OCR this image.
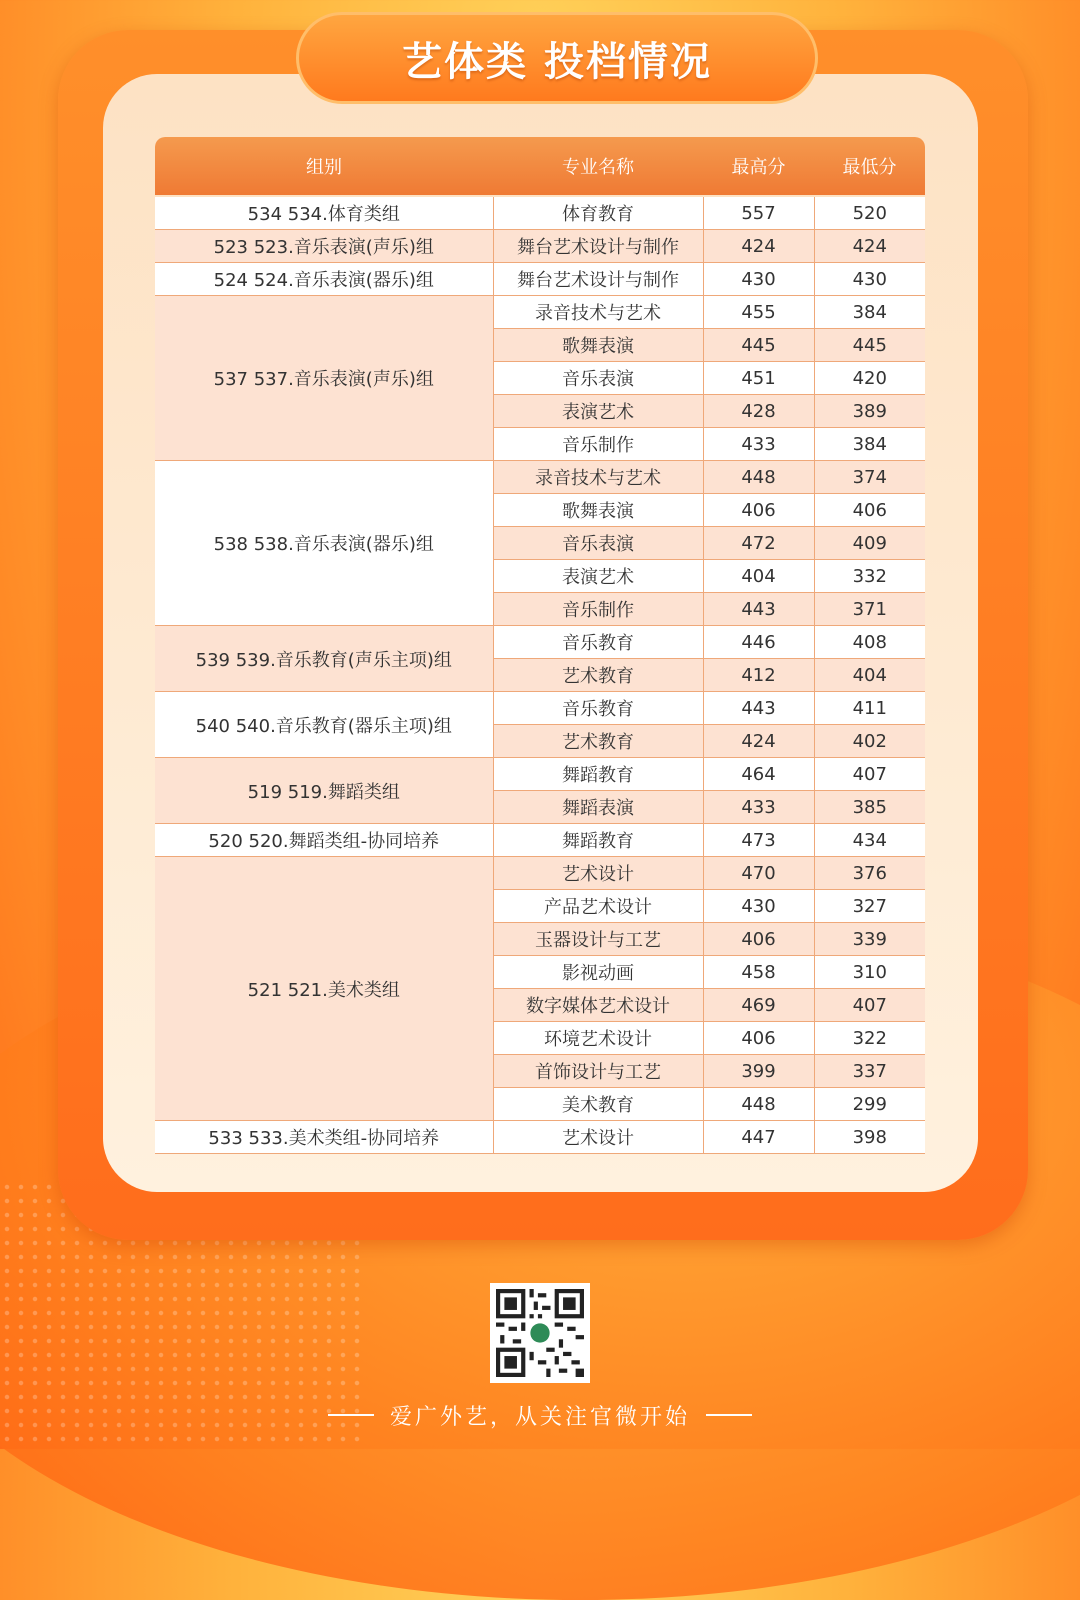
艺体类 投档情况
组别	专业名称	最高分	最低分

534 534.体育类组	体育教育	557	520
523 523.音乐表演(声乐)组	舞台艺术设计与制作	424	424
524 524.音乐表演(器乐)组	舞台艺术设计与制作	430	430
537 537.音乐表演(声乐)组	录音技术与艺术	455	384
	歌舞表演	445	445
	音乐表演	451	420
	表演艺术	428	389
	音乐制作	433	384
538 538.音乐表演(器乐)组	录音技术与艺术	448	374
	歌舞表演	406	406
	音乐表演	472	409
	表演艺术	404	332
	音乐制作	443	371
539 539.音乐教育(声乐主项)组	音乐教育	446	408
	艺术教育	412	404
540 540.音乐教育(器乐主项)组	音乐教育	443	411
	艺术教育	424	402
519 519.舞蹈类组	舞蹈教育	464	407
	舞蹈表演	433	385
520 520.舞蹈类组-协同培养	舞蹈教育	473	434
521 521.美术类组	艺术设计	470	376
	产品艺术设计	430	327
	玉器设计与工艺	406	339
	影视动画	458	310
	数字媒体艺术设计	469	407
	环境艺术设计	406	322
	首饰设计与工艺	399	337
	美术教育	448	299
533 533.美术类组-协同培养	艺术设计	447	398
爱广外艺，从关注官微开始
